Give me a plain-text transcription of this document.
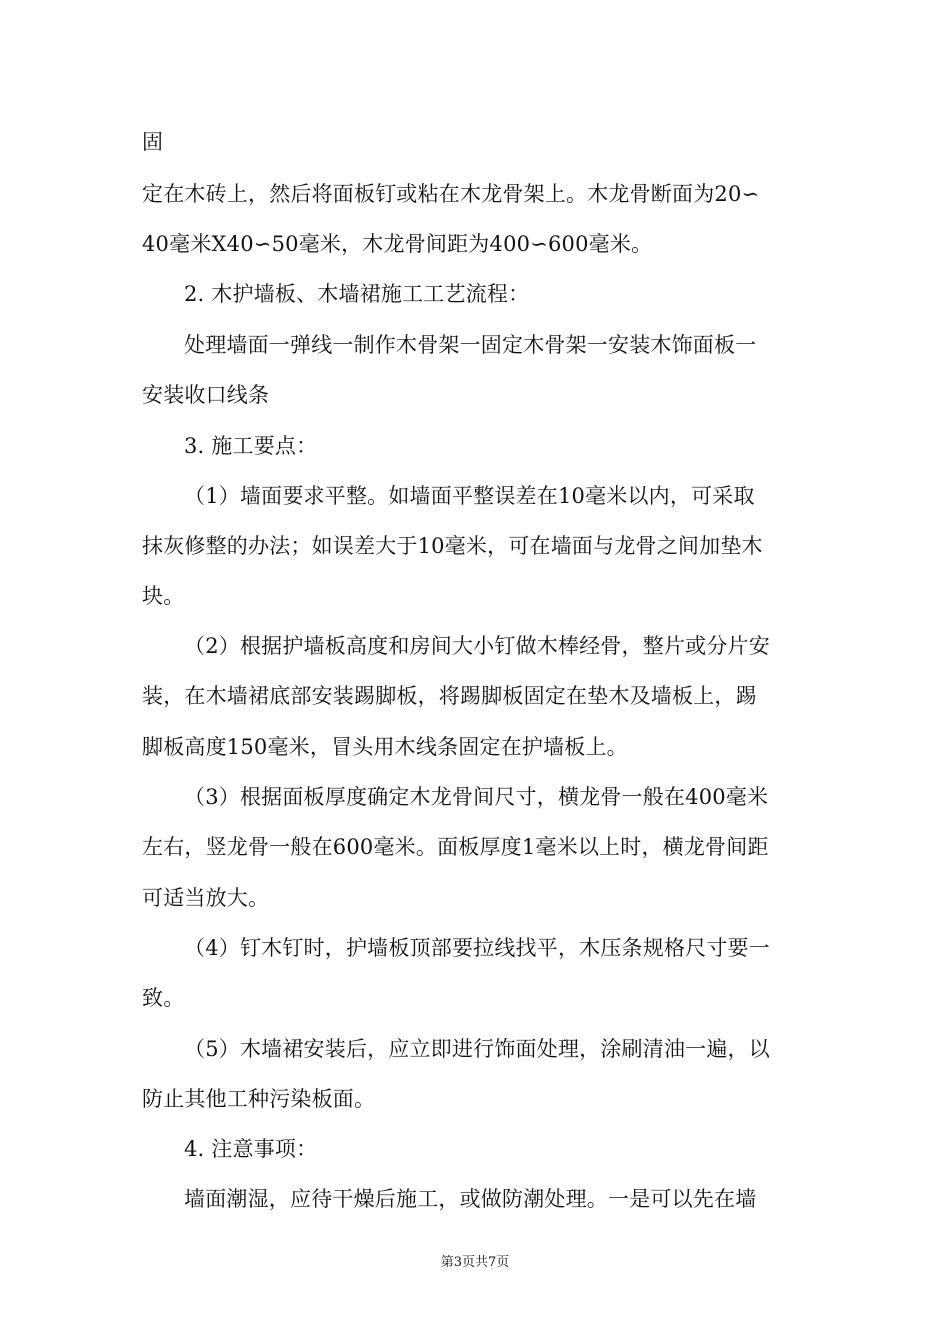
固
定在木砖上，然后将面板钉或粘在木龙骨架上。木龙骨断面为20∽
40毫米X40∽50毫米，木龙骨间距为400∽600毫米。
2. 木护墙板、木墙裙施工工艺流程：
处理墙面一弹线一制作木骨架一固定木骨架一安装木饰面板一
安装收口线条
3. 施工要点：
（1）墙面要求平整。如墙面平整误差在10毫米以内，可采取
抹灰修整的办法；如误差大于10毫米，可在墙面与龙骨之间加垫木
块。
（2）根据护墙板高度和房间大小钉做木棒经骨，整片或分片安
装，在木墙裙底部安装踢脚板，将踢脚板固定在垫木及墙板上，踢
脚板高度150毫米，冒头用木线条固定在护墙板上。
（3）根据面板厚度确定木龙骨间尺寸，横龙骨一般在400毫米
左右，竖龙骨一般在600毫米。面板厚度1毫米以上时，横龙骨间距
可适当放大。
（4）钉木钉时，护墙板顶部要拉线找平，木压条规格尺寸要一
致。
（5）木墙裙安装后，应立即进行饰面处理，涂刷清油一遍，以
防止其他工种污染板面。
4. 注意事项：
墙面潮湿，应待干燥后施工，或做防潮处理。一是可以先在墙
第3页共7页
